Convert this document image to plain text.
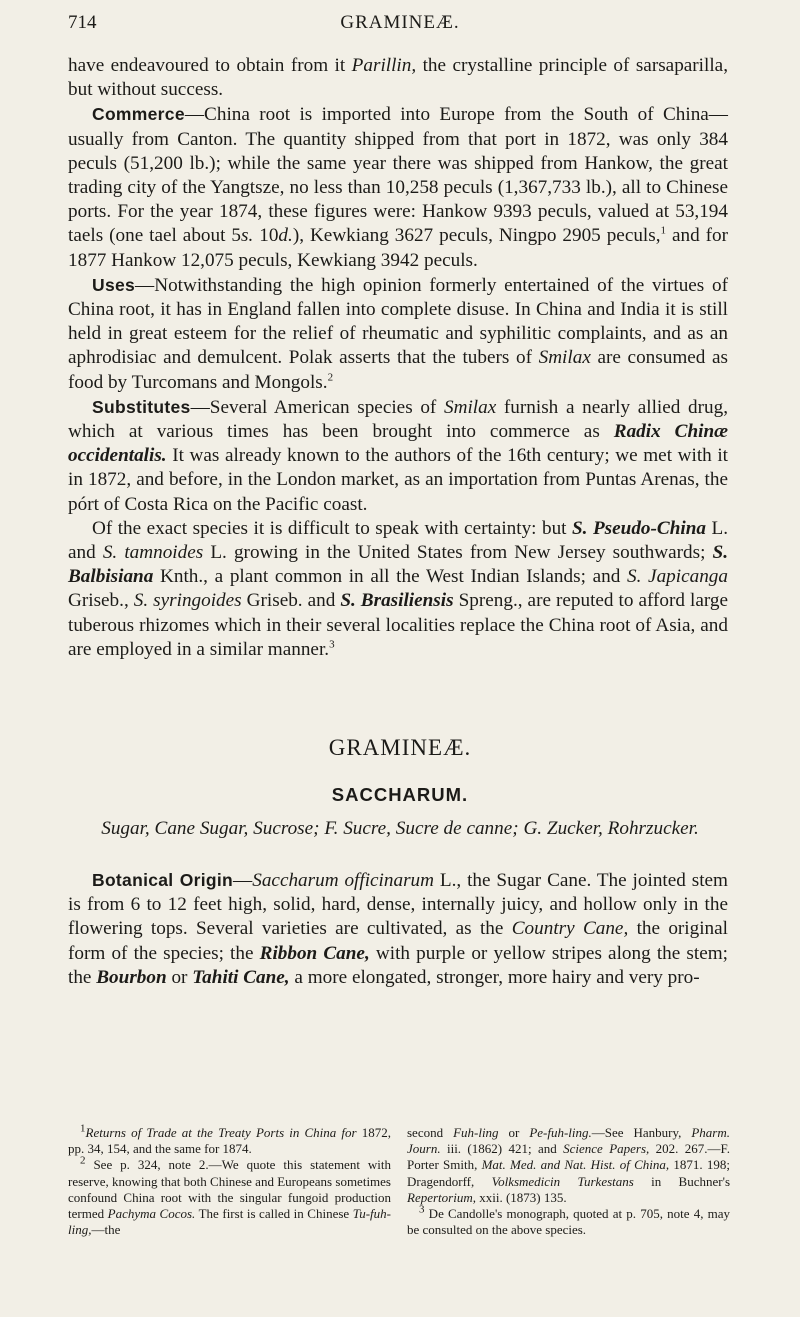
714	GRAMINEÆ.

have endeavoured to obtain from it Parillin, the crystalline principle of sarsaparilla, but without success.

Commerce—China root is imported into Europe from the South of China—usually from Canton. The quantity shipped from that port in 1872, was only 384 peculs (51,200 lb.); while the same year there was shipped from Hankow, the great trading city of the Yangtsze, no less than 10,258 peculs (1,367,733 lb.), all to Chinese ports. For the year 1874, these figures were: Hankow 9393 peculs, valued at 53,194 taels (one tael about 5s. 10d.), Kewkiang 3627 peculs, Ningpo 2905 peculs,$^1$ and for 1877 Hankow 12,075 peculs, Kewkiang 3942 peculs.

Uses—Notwithstanding the high opinion formerly entertained of the virtues of China root, it has in England fallen into complete disuse. In China and India it is still held in great esteem for the relief of rheumatic and syphilitic complaints, and as an aphrodisiac and demulcent. Polak asserts that the tubers of Smilax are consumed as food by Turcomans and Mongols.$^2$

Substitutes—Several American species of Smilax furnish a nearly allied drug, which at various times has been brought into commerce as Radix Chinæ occidentalis. It was already known to the authors of the 16th century; we met with it in 1872, and before, in the London market, as an importation from Puntas Arenas, the pórt of Costa Rica on the Pacific coast.

Of the exact species it is difficult to speak with certainty: but S. Pseudo-China L. and S. tamnoides L. growing in the United States from New Jersey southwards; S. Balbisiana Knth., a plant common in all the West Indian Islands; and S. Japicanga Griseb., S. syringoides Griseb. and S. Brasiliensis Spreng., are reputed to afford large tuberous rhizomes which in their several localities replace the China root of Asia, and are employed in a similar manner.$^3$

GRAMINEÆ.
SACCHARUM.
Sugar, Cane Sugar, Sucrose; F. Sucre, Sucre de canne; G. Zucker, Rohrzucker.

Botanical Origin—Saccharum officinarum L., the Sugar Cane. The jointed stem is from 6 to 12 feet high, solid, hard, dense, internally juicy, and hollow only in the flowering tops. Several varieties are cultivated, as the Country Cane, the original form of the species; the Ribbon Cane, with purple or yellow stripes along the stem; the Bourbon or Tahiti Cane, a more elongated, stronger, more hairy and very pro-

$^1$Returns of Trade at the Treaty Ports in China for 1872, pp. 34, 154, and the same for 1874.

$^2$ See p. 324, note 2.—We quote this statement with reserve, knowing that both Chinese and Europeans sometimes confound China root with the singular fungoid production termed Pachyma Cocos. The first is called in Chinese Tu-fuh-ling,—the

second Fuh-ling or Pe-fuh-ling.—See Hanbury, Pharm. Journ. iii. (1862) 421; and Science Papers, 202. 267.—F. Porter Smith, Mat. Med. and Nat. Hist. of China, 1871. 198; Dragendorff, Volksmedicin Turkestans in Buchner's Repertorium, xxii. (1873) 135.

$^3$ De Candolle's monograph, quoted at p. 705, note 4, may be consulted on the above species.
